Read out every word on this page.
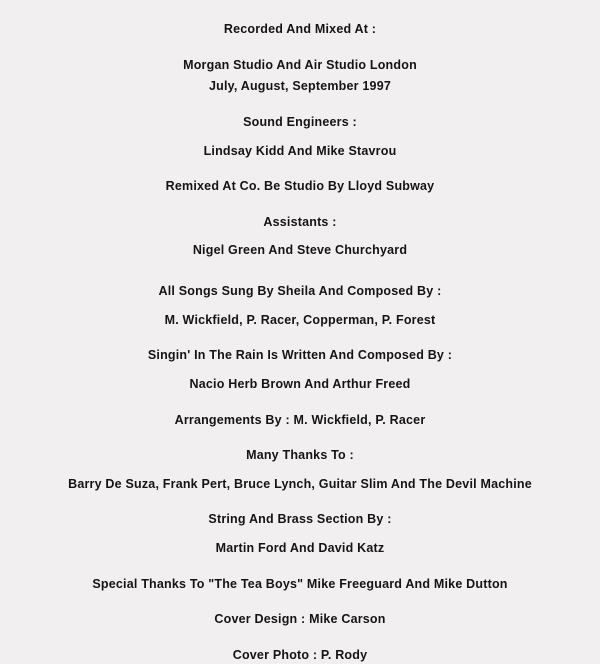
Recorded And Mixed At :
Morgan Studio And Air Studio London
July, August, September 1997
Sound Engineers :
Lindsay Kidd And Mike Stavrou
Remixed At Co. Be Studio By Lloyd Subway
Assistants :
Nigel Green And Steve Churchyard
All Songs Sung By Sheila And Composed By :
M. Wickfield, P. Racer, Copperman, P. Forest
Singin' In The Rain Is Written And Composed By :
Nacio Herb Brown And Arthur Freed
Arrangements By : M. Wickfield, P. Racer
Many Thanks To :
Barry De Suza, Frank Pert, Bruce Lynch, Guitar Slim And The Devil Machine
String And Brass Section By :
Martin Ford And David Katz
Special Thanks To "The Tea Boys" Mike Freeguard And Mike Dutton
Cover Design : Mike Carson
Cover Photo : P. Rody
